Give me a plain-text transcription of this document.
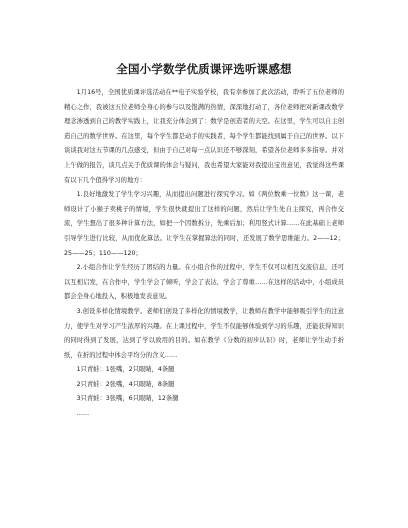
全国小学数学优质课评选听课感想

1月16号，全国优质课评选活动在**电子实验学校，我有幸参加了此次活动，聆听了五位老师的精心之作，我被这五位老师全身心的参与以及饱满的热情，深深地打动了，各位老师把对新课改数学理念渗透到自己的教学实践上，让我充分体会到了：数学是创造者的天空。在这里，学生可以自主创造自己的数学世界。在这里，每个学生都是动手的实践者，每个学生都能找到属于自己的世界。以下谈谈我对这五节课的几点感受，但由于自己对每一点认识还不够深刻，希望各位老师多多指导。并对上午做的报告，谈几点关于优质课的体会与疑问，我也希望大家能对我提出宝贵意见，我觉得这些课有以下几个值得学习的地方：

1.良好地激发了学生学习兴趣，从而提出问题进行探究学习。如《两位数乘一位数》这一课，老师设计了小猴子卖桃子的情境，学生很快就提出了这样的问题，然后让学生先自主探究，再合作交流，学生想出了很多种计算方法，如把一个因数拆分，先乘后加；利用竖式计算……在此基础上老师引导学生进行比较，从而优化算法。让学生在掌握算法的同时，还发展了数学思维能力。2——12；25——25；110——120；

2.小组合作让学生经历了团结的力量。在小组合作的过程中，学生不仅可以相互交流信息，还可以互相启发，在合作中，学生学会了倾听，学会了表达，学会了尊重……在这样的活动中，小组成员都会全身心地投入，积极地发表意见。

3.创设多样化情境教学。老师们创设了多样化的情境教学，让教师在教学中能够吸引学生的注意力，使学生对学习产生浓厚的兴趣。在上课过程中，学生不仅能够体验到学习的乐趣，还能获得知识的同时得到了发展，达到了学以致用的目的。如在教学《分数的初步认识》时，老师让学生动手折纸，在折的过程中体会平均分的含义……

1只青蛙：1张嘴，2只眼睛，4条腿

2只青蛙：2张嘴，4只眼睛，8条腿

3只青蛙：3张嘴，6只眼睛，12条腿

……
